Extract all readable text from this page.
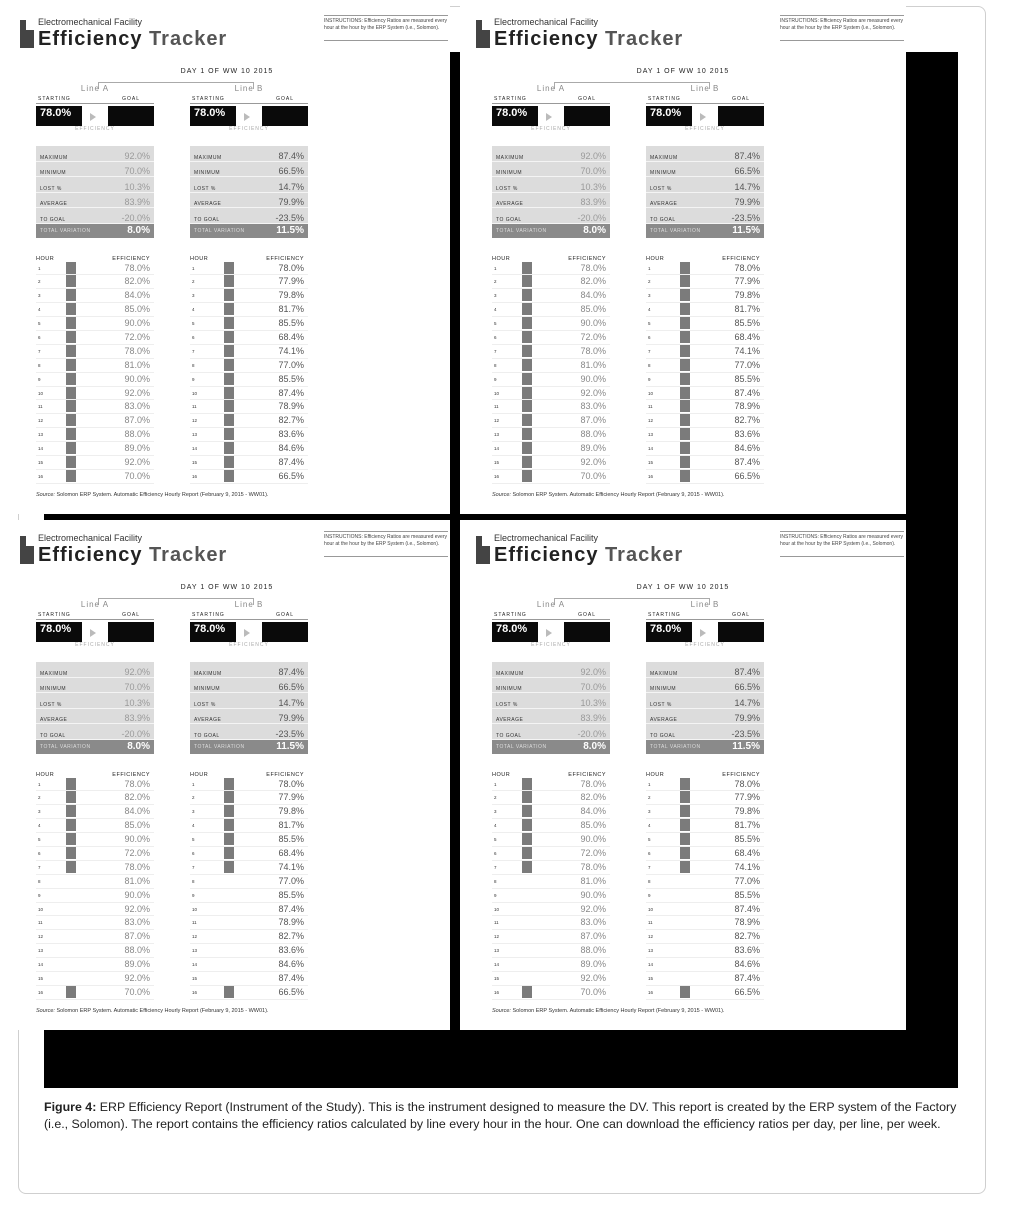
Figure 4: ERP Efficiency Report (Instrument of the Study). This is the instrument designed to measure the DV. This report is created by the ERP system of the Factory (i.e., Solomon). The report contains the efficiency ratios calculated by line every hour in the hour. One can download the efficiency ratios per day, per line, per week.
Electromechanical Facility
Efficiency Tracker
INSTRUCTIONS: Efficiency Ratios are measured every hour at the hour by the ERP System (i.e., Solomon).
DAY 1 OF WW 10 2015
Line A
STARTING	GOAL
78.0%
EFFICIENCY
MAXIMUM	92.0%
MINIMUM	70.0%
LOST %	10.3%
AVERAGE	83.9%
TO GOAL	-20.0%
TOTAL VARIATION	8.0%
HOUR	EFFICIENCY
1	78.0%
2	82.0%
3	84.0%
4	85.0%
5	90.0%
6	72.0%
7	78.0%
8	81.0%
9	90.0%
10	92.0%
11	83.0%
12	87.0%
13	88.0%
14	89.0%
15	92.0%
16	70.0%
Line B
STARTING	GOAL
78.0%
EFFICIENCY
MAXIMUM	87.4%
MINIMUM	66.5%
LOST %	14.7%
AVERAGE	79.9%
TO GOAL	-23.5%
TOTAL VARIATION	11.5%
HOUR	EFFICIENCY
1	78.0%
2	77.9%
3	79.8%
4	81.7%
5	85.5%
6	68.4%
7	74.1%
8	77.0%
9	85.5%
10	87.4%
11	78.9%
12	82.7%
13	83.6%
14	84.6%
15	87.4%
16	66.5%
Source: Solomon ERP System. Automatic Efficiency Hourly Report (February 9, 2015 - WW01).
Electromechanical Facility
Efficiency Tracker
INSTRUCTIONS: Efficiency Ratios are measured every hour at the hour by the ERP System (i.e., Solomon).
DAY 1 OF WW 10 2015
Line A
STARTING	GOAL
78.0%
EFFICIENCY
MAXIMUM	92.0%
MINIMUM	70.0%
LOST %	10.3%
AVERAGE	83.9%
TO GOAL	-20.0%
TOTAL VARIATION	8.0%
HOUR	EFFICIENCY
1	78.0%
2	82.0%
3	84.0%
4	85.0%
5	90.0%
6	72.0%
7	78.0%
8	81.0%
9	90.0%
10	92.0%
11	83.0%
12	87.0%
13	88.0%
14	89.0%
15	92.0%
16	70.0%
Line B
STARTING	GOAL
78.0%
EFFICIENCY
MAXIMUM	87.4%
MINIMUM	66.5%
LOST %	14.7%
AVERAGE	79.9%
TO GOAL	-23.5%
TOTAL VARIATION	11.5%
HOUR	EFFICIENCY
1	78.0%
2	77.9%
3	79.8%
4	81.7%
5	85.5%
6	68.4%
7	74.1%
8	77.0%
9	85.5%
10	87.4%
11	78.9%
12	82.7%
13	83.6%
14	84.6%
15	87.4%
16	66.5%
Source: Solomon ERP System. Automatic Efficiency Hourly Report (February 9, 2015 - WW01).
Electromechanical Facility
Efficiency Tracker
INSTRUCTIONS: Efficiency Ratios are measured every hour at the hour by the ERP System (i.e., Solomon).
DAY 1 OF WW 10 2015
Line A
STARTING	GOAL
78.0%
EFFICIENCY
MAXIMUM	92.0%
MINIMUM	70.0%
LOST %	10.3%
AVERAGE	83.9%
TO GOAL	-20.0%
TOTAL VARIATION	8.0%
HOUR	EFFICIENCY
1	78.0%
2	82.0%
3	84.0%
4	85.0%
5	90.0%
6	72.0%
7	78.0%
8	81.0%
9	90.0%
10	92.0%
11	83.0%
12	87.0%
13	88.0%
14	89.0%
15	92.0%
16	70.0%
Line B
STARTING	GOAL
78.0%
EFFICIENCY
MAXIMUM	87.4%
MINIMUM	66.5%
LOST %	14.7%
AVERAGE	79.9%
TO GOAL	-23.5%
TOTAL VARIATION	11.5%
HOUR	EFFICIENCY
1	78.0%
2	77.9%
3	79.8%
4	81.7%
5	85.5%
6	68.4%
7	74.1%
8	77.0%
9	85.5%
10	87.4%
11	78.9%
12	82.7%
13	83.6%
14	84.6%
15	87.4%
16	66.5%
Source: Solomon ERP System. Automatic Efficiency Hourly Report (February 9, 2015 - WW01).
Electromechanical Facility
Efficiency Tracker
INSTRUCTIONS: Efficiency Ratios are measured every hour at the hour by the ERP System (i.e., Solomon).
DAY 1 OF WW 10 2015
Line A
STARTING	GOAL
78.0%
EFFICIENCY
MAXIMUM	92.0%
MINIMUM	70.0%
LOST %	10.3%
AVERAGE	83.9%
TO GOAL	-20.0%
TOTAL VARIATION	8.0%
HOUR	EFFICIENCY
1	78.0%
2	82.0%
3	84.0%
4	85.0%
5	90.0%
6	72.0%
7	78.0%
8	81.0%
9	90.0%
10	92.0%
11	83.0%
12	87.0%
13	88.0%
14	89.0%
15	92.0%
16	70.0%
Line B
STARTING	GOAL
78.0%
EFFICIENCY
MAXIMUM	87.4%
MINIMUM	66.5%
LOST %	14.7%
AVERAGE	79.9%
TO GOAL	-23.5%
TOTAL VARIATION	11.5%
HOUR	EFFICIENCY
1	78.0%
2	77.9%
3	79.8%
4	81.7%
5	85.5%
6	68.4%
7	74.1%
8	77.0%
9	85.5%
10	87.4%
11	78.9%
12	82.7%
13	83.6%
14	84.6%
15	87.4%
16	66.5%
Source: Solomon ERP System. Automatic Efficiency Hourly Report (February 9, 2015 - WW01).
